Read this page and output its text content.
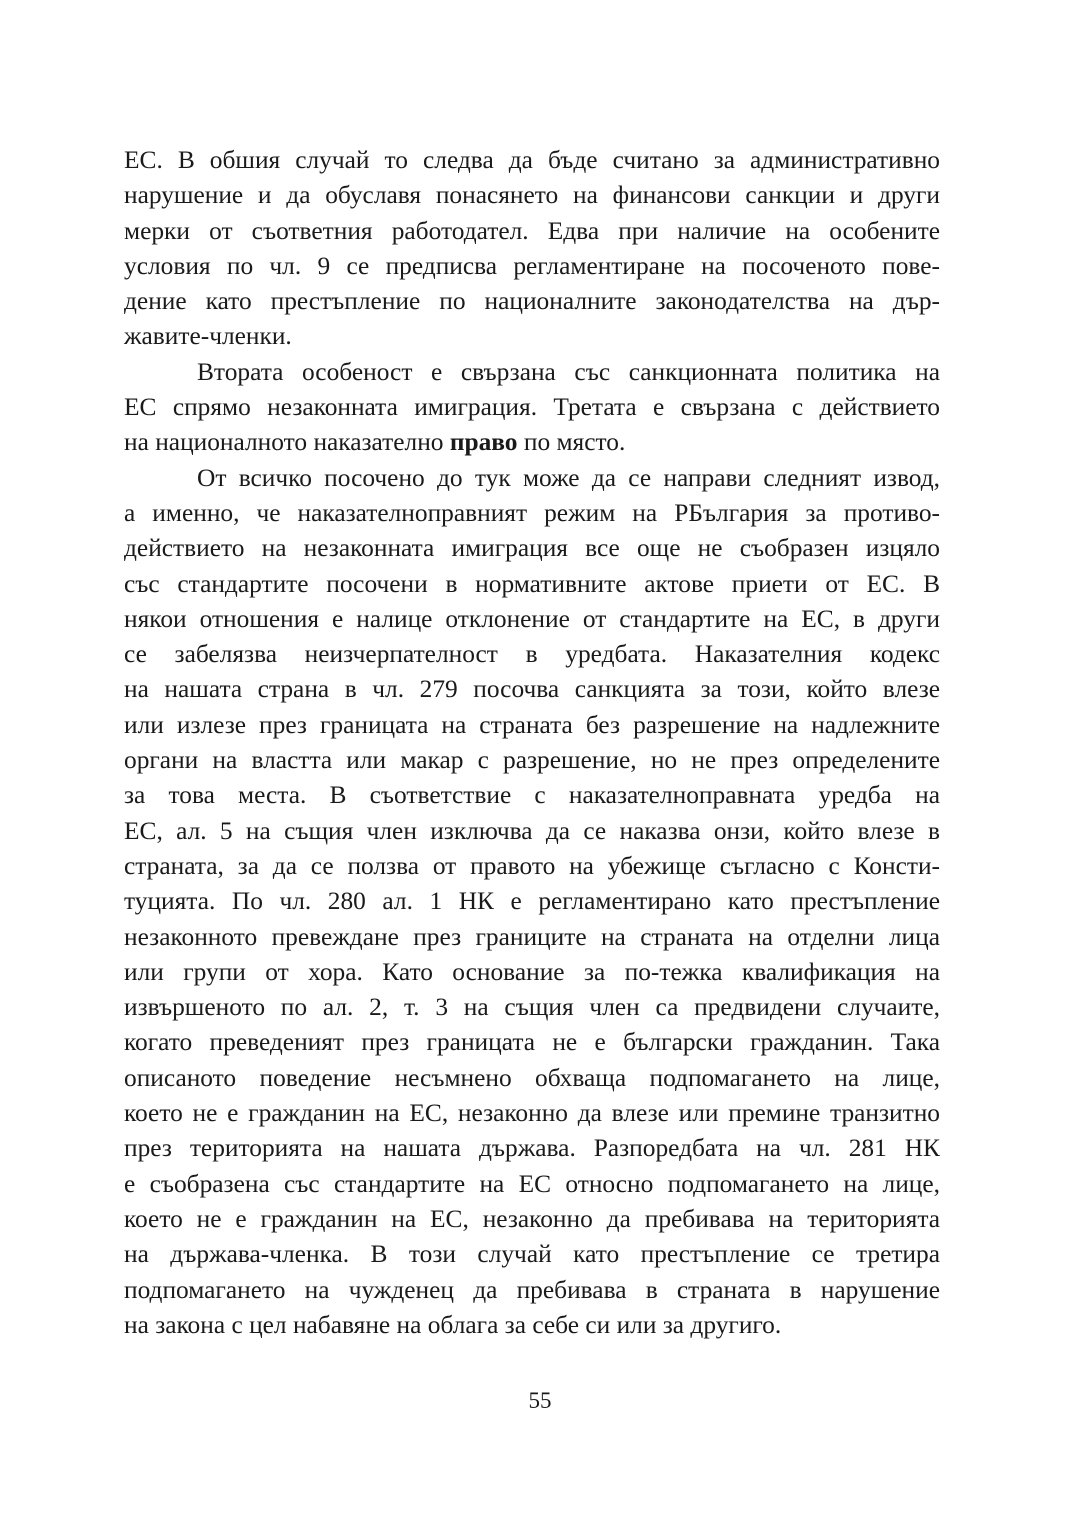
ЕС. В обшия случай то следва да бъде считано за административно
нарушение и да обуславя понасянето на финансови санкции и други
мерки от съответния работодател. Едва при наличие на особените
условия по чл. 9 се предписва регламентиране на посоченото пове-
дение като престъпление по националните законодателства на дър-
жавите-членки.
Втората особеност е свързана със санкционната политика на
ЕС спрямо незаконната имиграция. Третата е свързана с действието
на националното наказателно право по място.
От всичко посочено до тук може да се направи следният извод,
а именно, че наказателноправният режим на РБългария за противо-
действието на незаконната имиграция все още не съобразен изцяло
със стандартите посочени в нормативните актове приети от ЕС. В
някои отношения е налице отклонение от стандартите на ЕС, в други
се забелязва неизчерпателност в уредбата. Наказателния кодекс
на нашата страна в чл. 279 посочва санкцията за този, който влезе
или излезе през границата на страната без разрешение на надлежните
органи на властта или макар с разрешение, но не през определените
за това места. В съответствие с наказателноправната уредба на
ЕС, ал. 5 на същия член изключва да се наказва онзи, който влезе в
страната, за да се ползва от правото на убежище съгласно с Консти-
туцията. По чл. 280 ал. 1 НК е регламентирано като престъпление
незаконното превеждане през границите на страната на отделни лица
или групи от хора. Като основание за по-тежка квалификация на
извършеното по ал. 2, т. 3 на същия член са предвидени случаите,
когато преведеният през границата не е български гражданин. Така
описаното поведение несъмнено обхваща подпомагането на лице,
което не е гражданин на ЕС, незаконно да влезе или премине транзитно
през територията на нашата държава. Разпоредбата на чл. 281 НК
е съобразена със стандартите на ЕС относно подпомагането на лице,
което не е гражданин на ЕС, незаконно да пребивава на територията
на държава-членка. В този случай като престъпление се третира
подпомагането на чужденец да пребивава в страната в нарушение
на закона с цел набавяне на облага за себе си или за другиго.
55
